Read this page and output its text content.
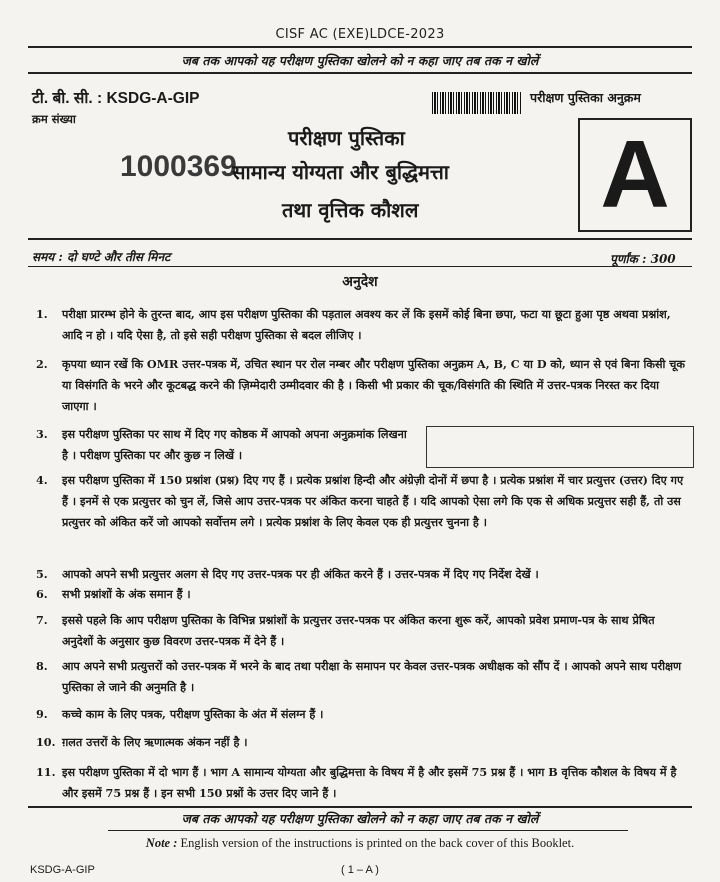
CISF AC (EXE)LDCE-2023
जब तक आपको यह परीक्षण पुस्तिका खोलने को न कहा जाए तब तक न खोलें
टी. बी. सी. : KSDG-A-GIP
क्रम संख्या
परीक्षण पुस्तिका अनुक्रम
A
परीक्षण पुस्तिका
1000369
सामान्य योग्यता और बुद्धिमत्ता
तथा वृत्तिक कौशल
समय : दो घण्टे और तीस मिनट	पूर्णांक : 300
अनुदेश
1. परीक्षा प्रारम्भ होने के तुरन्त बाद, आप इस परीक्षण पुस्तिका की पड़ताल अवश्य कर लें कि इसमें कोई बिना छपा, फटा या छूटा हुआ पृष्ठ अथवा प्रश्नांश, आदि न हो । यदि ऐसा है, तो इसे सही परीक्षण पुस्तिका से बदल लीजिए ।
2. कृपया ध्यान रखें कि OMR उत्तर-पत्रक में, उचित स्थान पर रोल नम्बर और परीक्षण पुस्तिका अनुक्रम A, B, C या D को, ध्यान से एवं बिना किसी चूक या विसंगति के भरने और कूटबद्ध करने की ज़िम्मेदारी उम्मीदवार की है । किसी भी प्रकार की चूक/विसंगति की स्थिति में उत्तर-पत्रक निरस्त कर दिया जाएगा ।
3. इस परीक्षण पुस्तिका पर साथ में दिए गए कोष्ठक में आपको अपना अनुक्रमांक लिखना है । परीक्षण पुस्तिका पर और कुछ न लिखें ।
4. इस परीक्षण पुस्तिका में 150 प्रश्नांश (प्रश्न) दिए गए हैं । प्रत्येक प्रश्नांश हिन्दी और अंग्रेज़ी दोनों में छपा है । प्रत्येक प्रश्नांश में चार प्रत्युत्तर (उत्तर) दिए गए हैं । इनमें से एक प्रत्युत्तर को चुन लें, जिसे आप उत्तर-पत्रक पर अंकित करना चाहते हैं । यदि आपको ऐसा लगे कि एक से अधिक प्रत्युत्तर सही हैं, तो उस प्रत्युत्तर को अंकित करें जो आपको सर्वोत्तम लगे । प्रत्येक प्रश्नांश के लिए केवल एक ही प्रत्युत्तर चुनना है ।
5. आपको अपने सभी प्रत्युत्तर अलग से दिए गए उत्तर-पत्रक पर ही अंकित करने हैं । उत्तर-पत्रक में दिए गए निर्देश देखें ।
6. सभी प्रश्नांशों के अंक समान हैं ।
7. इससे पहले कि आप परीक्षण पुस्तिका के विभिन्न प्रश्नांशों के प्रत्युत्तर उत्तर-पत्रक पर अंकित करना शुरू करें, आपको प्रवेश प्रमाण-पत्र के साथ प्रेषित अनुदेशों के अनुसार कुछ विवरण उत्तर-पत्रक में देने हैं ।
8. आप अपने सभी प्रत्युत्तरों को उत्तर-पत्रक में भरने के बाद तथा परीक्षा के समापन पर केवल उत्तर-पत्रक अधीक्षक को सौंप दें । आपको अपने साथ परीक्षण पुस्तिका ले जाने की अनुमति है ।
9. कच्चे काम के लिए पत्रक, परीक्षण पुस्तिका के अंत में संलग्न हैं ।
10. ग़लत उत्तरों के लिए ऋणात्मक अंकन नहीं है ।
11. इस परीक्षण पुस्तिका में दो भाग हैं । भाग A सामान्य योग्यता और बुद्धिमत्ता के विषय में है और इसमें 75 प्रश्न हैं । भाग B वृत्तिक कौशल के विषय में है और इसमें 75 प्रश्न हैं । इन सभी 150 प्रश्नों के उत्तर दिए जाने हैं ।
जब तक आपको यह परीक्षण पुस्तिका खोलने को न कहा जाए तब तक न खोलें
Note : English version of the instructions is printed on the back cover of this Booklet.
KSDG-A-GIP	( 1 – A )
